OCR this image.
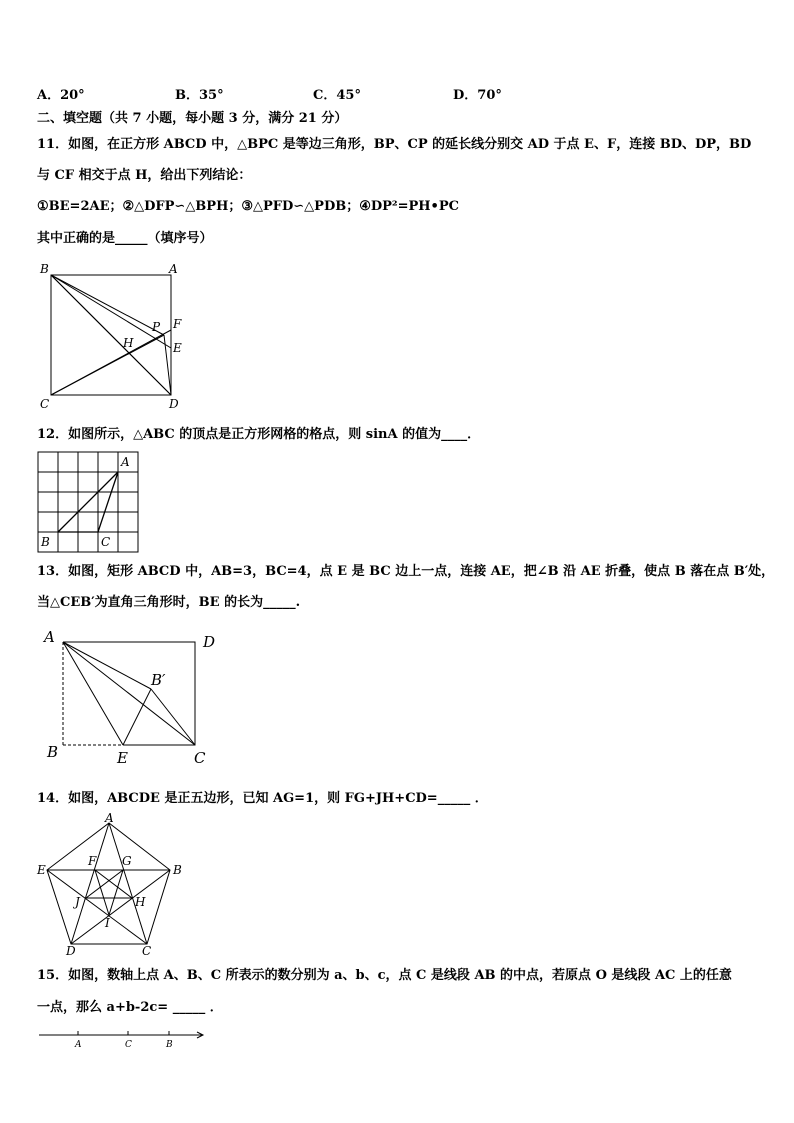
A．20°	B．35°	C．45°	D．70°
二、填空题（共 7 小题，每小题 3 分，满分 21 分）
11．如图，在正方形 ABCD 中，△BPC 是等边三角形，BP、CP 的延长线分别交 AD 于点 E、F，连接 BD、DP，BD
与 CF 相交于点 H，给出下列结论：
①BE=2AE；②△DFP∽△BPH；③△PFD∽△PDB；④DP²=PH•PC
其中正确的是_____（填序号）
B	A
P F
H	E
C	D
12．如图所示，△ABC 的顶点是正方形网格的格点，则 sinA 的值为____．
A
B	C
13．如图，矩形 ABCD 中，AB=3，BC=4，点 E 是 BC 边上一点，连接 AE，把∠B 沿 AE 折叠，使点 B 落在点 B′处，
当△CEB′为直角三角形时，BE 的长为_____.
A	D
B′
B	E	C
14．如图，ABCDE 是正五边形，已知 AG=1，则 FG+JH+CD=_____ ．
A
E	B
F G
J	H
I
D	C
15．如图，数轴上点 A、B、C 所表示的数分别为 a、b、c，点 C 是线段 AB 的中点，若原点 O 是线段 AC 上的任意
一点，那么 a+b-2c= _____ ．
A	C	B
